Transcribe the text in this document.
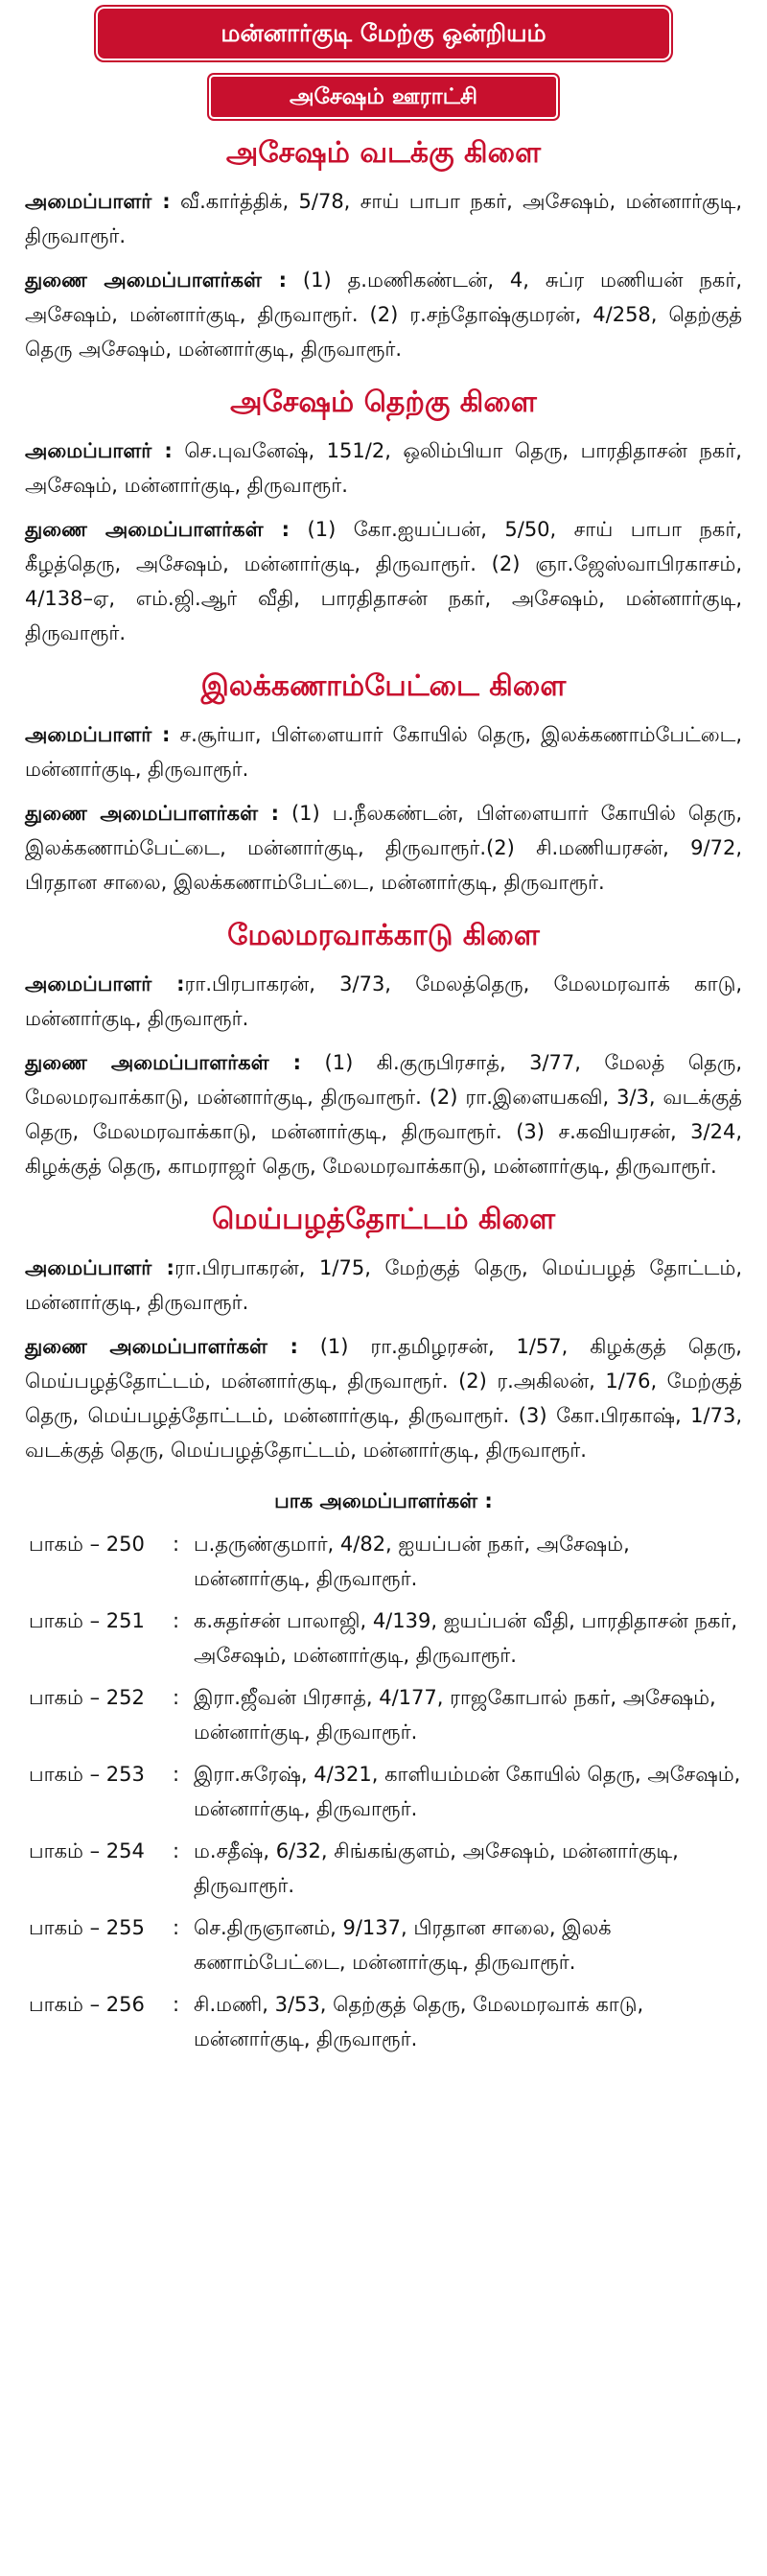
மன்னார்குடி மேற்கு ஒன்றியம்
அசேஷம் ஊராட்சி
அசேஷம் வடக்கு கிளை

அமைப்பாளர் : வீ.கார்த்திக், 5/78, சாய் பாபா நகர், அசேஷம், மன்னார்குடி, திருவாரூர்.

துணை அமைப்பாளர்கள் : (1) த.மணிகண்டன், 4, சுப்ர மணியன் நகர், அசேஷம், மன்னார்குடி, திருவாரூர். (2) ர.சந்தோஷ்குமரன், 4/258, தெற்குத் தெரு அசேஷம், மன்னார்குடி, திருவாரூர்.

அசேஷம் தெற்கு கிளை

அமைப்பாளர் : செ.புவனேஷ், 151/2, ஒலிம்பியா தெரு, பாரதிதாசன் நகர், அசேஷம், மன்னார்குடி, திருவாரூர்.

துணை அமைப்பாளர்கள் : (1) கோ.ஐயப்பன், 5/50, சாய் பாபா நகர், கீழத்தெரு, அசேஷம், மன்னார்குடி, திருவாரூர். (2) ஞா.ஜேஸ்வாபிரகாசம், 4/138–ஏ, எம்.ஜி.ஆர் வீதி, பாரதிதாசன் நகர், அசேஷம், மன்னார்குடி, திருவாரூர்.

இலக்கணாம்பேட்டை கிளை

அமைப்பாளர் : ச.சூர்யா, பிள்ளையார் கோயில் தெரு, இலக்கணாம்பேட்டை, மன்னார்குடி, திருவாரூர்.

துணை அமைப்பாளர்கள் : (1) ப.நீலகண்டன், பிள்ளையார் கோயில் தெரு, இலக்கணாம்பேட்டை, மன்னார்குடி, திருவாரூர்.(2) சி.மணியரசன், 9/72, பிரதான சாலை, இலக்கணாம்பேட்டை, மன்னார்குடி, திருவாரூர்.

மேலமரவாக்காடு கிளை

அமைப்பாளர் :ரா.பிரபாகரன், 3/73, மேலத்தெரு, மேலமரவாக் காடு, மன்னார்குடி, திருவாரூர்.

துணை அமைப்பாளர்கள் : (1) கி.குருபிரசாத், 3/77, மேலத் தெரு, மேலமரவாக்காடு, மன்னார்குடி, திருவாரூர். (2) ரா.இளையகவி, 3/3, வடக்குத் தெரு, மேலமரவாக்காடு, மன்னார்குடி, திருவாரூர். (3) ச.கவியரசன், 3/24, கிழக்குத் தெரு, காமராஜர் தெரு, மேலமரவாக்காடு, மன்னார்குடி, திருவாரூர்.

மெய்பழத்தோட்டம் கிளை

அமைப்பாளர் :ரா.பிரபாகரன், 1/75, மேற்குத் தெரு, மெய்பழத் தோட்டம், மன்னார்குடி, திருவாரூர்.

துணை அமைப்பாளர்கள் : (1) ரா.தமிழரசன், 1/57, கிழக்குத் தெரு, மெய்பழத்தோட்டம், மன்னார்குடி, திருவாரூர். (2) ர.அகிலன், 1/76, மேற்குத் தெரு, மெய்பழத்தோட்டம், மன்னார்குடி, திருவாரூர். (3) கோ.பிரகாஷ், 1/73, வடக்குத் தெரு, மெய்பழத்தோட்டம், மன்னார்குடி, திருவாரூர்.

பாக அமைப்பாளர்கள் :
பாகம் – 250	: ப.தருண்குமார், 4/82, ஐயப்பன் நகர், அசேஷம், மன்னார்குடி, திருவாரூர்.
பாகம் – 251	: க.சுதர்சன் பாலாஜி, 4/139, ஐயப்பன் வீதி, பாரதிதாசன் நகர், அசேஷம், மன்னார்குடி, திருவாரூர்.
பாகம் – 252	: இரா.ஜீவன் பிரசாத், 4/177, ராஜகோபால் நகர், அசேஷம், மன்னார்குடி, திருவாரூர்.
பாகம் – 253	: இரா.சுரேஷ், 4/321, காளியம்மன் கோயில் தெரு, அசேஷம், மன்னார்குடி, திருவாரூர்.
பாகம் – 254	: ம.சதீஷ், 6/32, சிங்கங்குளம், அசேஷம், மன்னார்குடி, திருவாரூர்.
பாகம் – 255	: செ.திருஞானம், 9/137, பிரதான சாலை, இலக் கணாம்பேட்டை, மன்னார்குடி, திருவாரூர்.
பாகம் – 256	: சி.மணி, 3/53, தெற்குத் தெரு, மேலமரவாக் காடு, மன்னார்குடி, திருவாரூர்.
